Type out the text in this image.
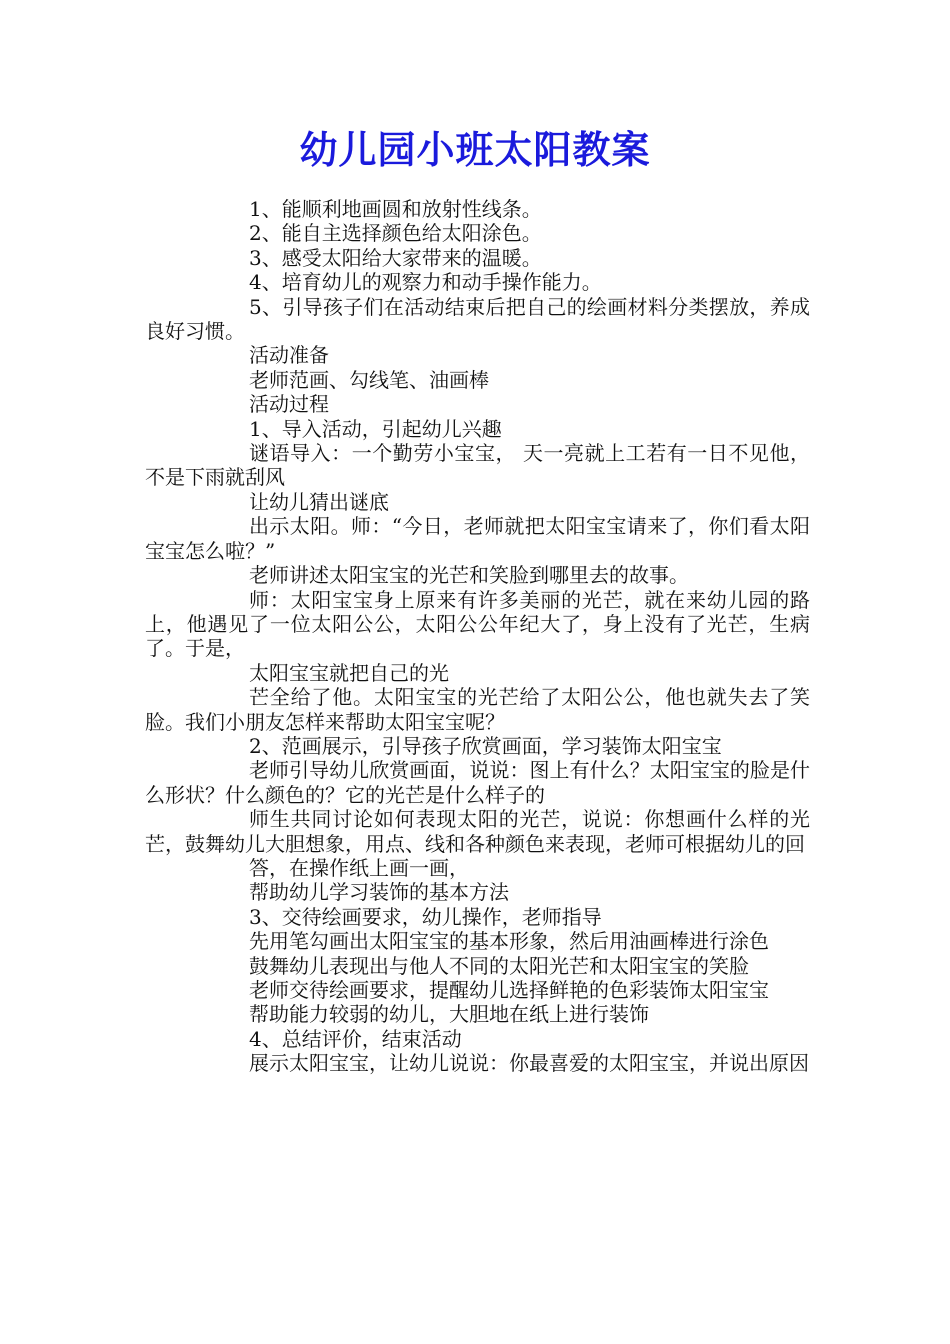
幼儿园小班太阳教案

1、能顺利地画圆和放射性线条。

2、能自主选择颜色给太阳涂色。

3、感受太阳给大家带来的温暖。

4、培育幼儿的观察力和动手操作能力。

5、引导孩子们在活动结束后把自己的绘画材料分类摆放，养成良好习惯。

活动准备

老师范画、勾线笔、油画棒

活动过程

1、导入活动，引起幼儿兴趣

谜语导入：一个勤劳小宝宝， 天一亮就上工若有一日不见他，不是下雨就刮风

让幼儿猜出谜底

出示太阳。师：“今日，老师就把太阳宝宝请来了，你们看太阳宝宝怎么啦？”

老师讲述太阳宝宝的光芒和笑脸到哪里去的故事。

师：太阳宝宝身上原来有许多美丽的光芒，就在来幼儿园的路上，他遇见了一位太阳公公，太阳公公年纪大了，身上没有了光芒，生病了。于是，

太阳宝宝就把自己的光

芒全给了他。太阳宝宝的光芒给了太阳公公，他也就失去了笑脸。我们小朋友怎样来帮助太阳宝宝呢？

2、范画展示，引导孩子欣赏画面，学习装饰太阳宝宝

老师引导幼儿欣赏画面，说说：图上有什么？太阳宝宝的脸是什么形状？什么颜色的？它的光芒是什么样子的

师生共同讨论如何表现太阳的光芒，说说：你想画什么样的光芒，鼓舞幼儿大胆想象，用点、线和各种颜色来表现，老师可根据幼儿的回

答，在操作纸上画一画，

帮助幼儿学习装饰的基本方法

3、交待绘画要求，幼儿操作，老师指导

先用笔勾画出太阳宝宝的基本形象，然后用油画棒进行涂色

鼓舞幼儿表现出与他人不同的太阳光芒和太阳宝宝的笑脸

老师交待绘画要求，提醒幼儿选择鲜艳的色彩装饰太阳宝宝

帮助能力较弱的幼儿，大胆地在纸上进行装饰

4、总结评价，结束活动

展示太阳宝宝，让幼儿说说：你最喜爱的太阳宝宝，并说出原因
